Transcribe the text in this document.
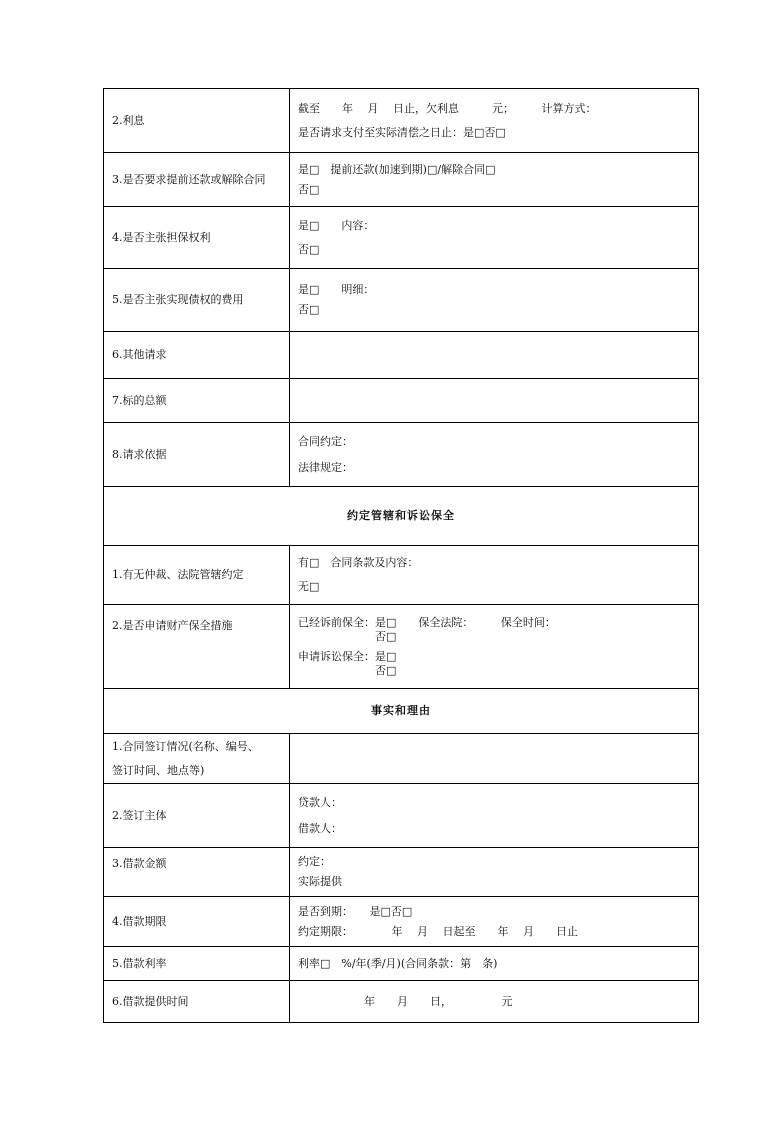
2.利息	截至　　年　 月　 日止，欠利息　　　元；　　　计算方式：
是否请求支付至实际清偿之日止：是□否□

3.是否要求提前还款或解除合同	是□　提前还款(加速到期)□/解除合同□
否□

4.是否主张担保权利	是□　　内容：
否□

5.是否主张实现债权的费用	是□　　明细：
否□

6.其他请求	
7.标的总额	
8.请求依据	合同约定：
法律规定：

约定管辖和诉讼保全	
1.有无仲裁、法院管辖约定	有□　合同条款及内容：
无□

2.是否申请财产保全措施	已经诉前保全：是□　　保全法院：　　　保全时间：
　　　　　　　否□
申请诉讼保全：是□
　　　　　　　否□

事实和理由	

1.合同签订情况(名称、编号、
签订时间、地点等)	

2.签订主体	贷款人：
借款人：

3.借款金额	约定：
实际提供

4.借款期限	是否到期：　　是□否□
约定期限：　　　　年　 月　 日起至　　年　 月　　日止

5.借款利率	利率□　%/年(季/月)(合同条款：第　条)
6.借款提供时间	　　　　　　年　　月　　日，　　　　　元
